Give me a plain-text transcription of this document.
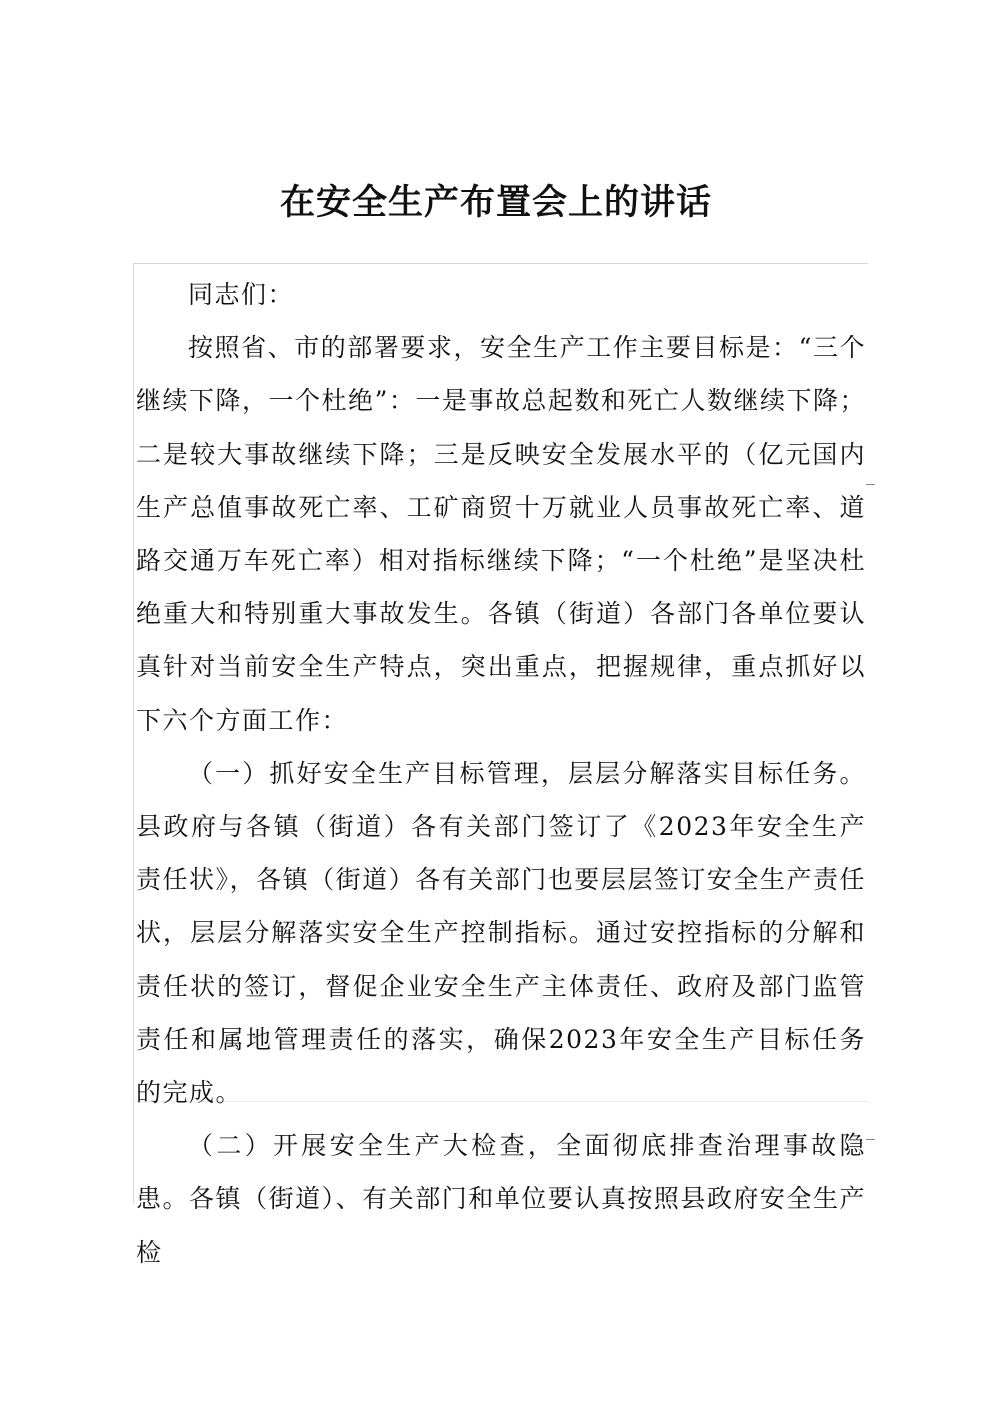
在安全生产布置会上的讲话

同志们：

按照省、市的部署要求，安全生产工作主要目标是：“三个继续下降，一个杜绝”：一是事故总起数和死亡人数继续下降；二是较大事故继续下降；三是反映安全发展水平的（亿元国内生产总值事故死亡率、工矿商贸十万就业人员事故死亡率、道路交通万车死亡率）相对指标继续下降；“一个杜绝”是坚决杜绝重大和特别重大事故发生。各镇（街道）各部门各单位要认真针对当前安全生产特点，突出重点，把握规律，重点抓好以下六个方面工作：

（一）抓好安全生产目标管理，层层分解落实目标任务。县政府与各镇（街道）各有关部门签订了《2023年安全生产责任状》，各镇（街道）各有关部门也要层层签订安全生产责任状，层层分解落实安全生产控制指标。通过安控指标的分解和责任状的签订，督促企业安全生产主体责任、政府及部门监管责任和属地管理责任的落实，确保2023年安全生产目标任务的完成。

（二）开展安全生产大检查，全面彻底排查治理事故隐患。各镇（街道）、有关部门和单位要认真按照县政府安全生产检
